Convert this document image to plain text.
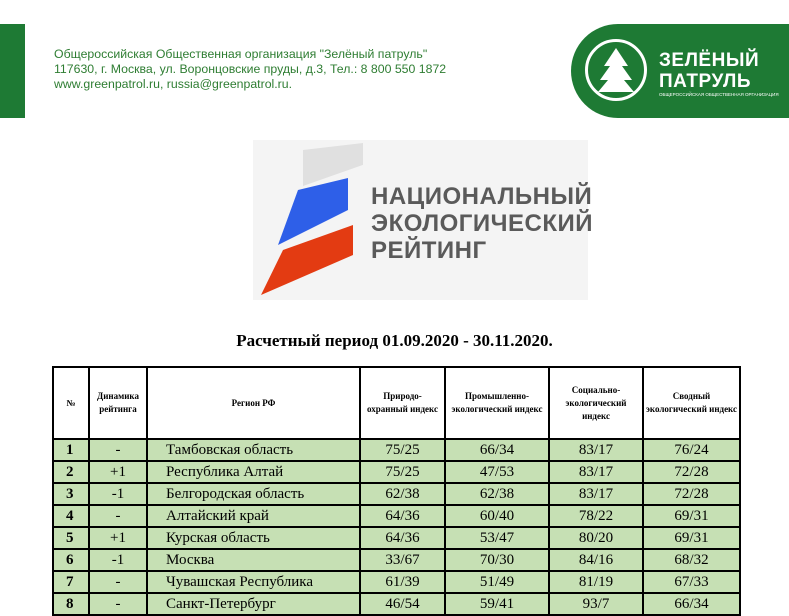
Общероссийская Общественная организация "Зелёный патруль"
117630, г. Москва, ул. Воронцовские пруды, д.3, Тел.: 8 800 550 1872
www.greenpatrol.ru, russia@greenpatrol.ru.
ЗЕЛЁНЫЙ
ПАТРУЛЬ
ОБЩЕРОССИЙСКАЯ ОБЩЕСТВЕННАЯ ОРГАНИЗАЦИЯ
НАЦИОНАЛЬНЫЙ
ЭКОЛОГИЧЕСКИЙ
РЕЙТИНГ
Расчетный период 01.09.2020 - 30.11.2020.
№	Динамика рейтинга	Регион РФ	Природо-охранный индекс	Промышленно-экологический индекс	Социально-экологический индекс	Сводный экологический индекс
1	-	Тамбовская область	75/25	66/34	83/17	76/24
2	+1	Республика Алтай	75/25	47/53	83/17	72/28
3	-1	Белгородская область	62/38	62/38	83/17	72/28
4	-	Алтайский край	64/36	60/40	78/22	69/31
5	+1	Курская область	64/36	53/47	80/20	69/31
6	-1	Москва	33/67	70/30	84/16	68/32
7	-	Чувашская Республика	61/39	51/49	81/19	67/33
8	-	Санкт-Петербург	46/54	59/41	93/7	66/34
